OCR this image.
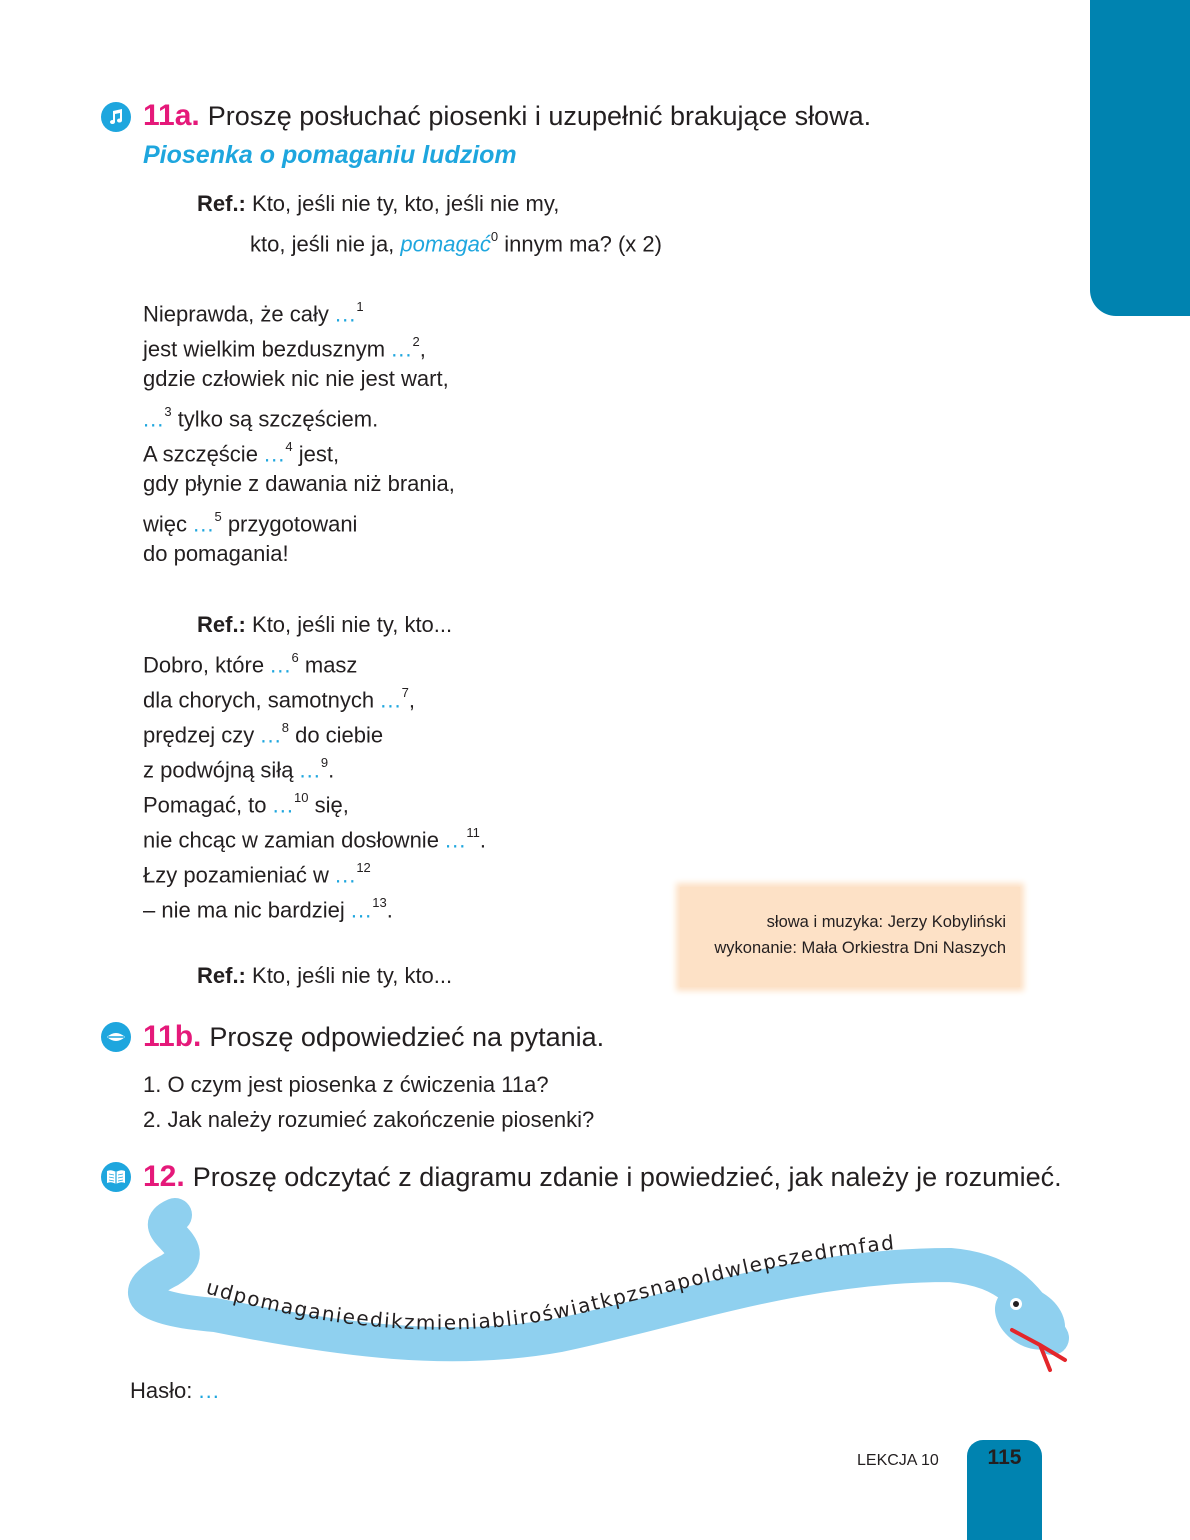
11a. Proszę posłuchać piosenki i uzupełnić brakujące słowa.
Piosenka o pomaganiu ludziom
Ref.: Kto, jeśli nie ty, kto, jeśli nie my,
kto, jeśli nie ja, pomagać$^0$ innym ma? (x 2)
Nieprawda, że cały ...$^1$
jest wielkim bezdusznym ...$^2$,
gdzie człowiek nic nie jest wart,
...$^3$ tylko są szczęściem.
A szczęście ...$^4$ jest,
gdy płynie z dawania niż brania,
więc ...$^5$ przygotowani
do pomagania!
Ref.: Kto, jeśli nie ty, kto...
Dobro, które ...$^6$ masz
dla chorych, samotnych ...$^7$,
prędzej czy ...$^8$ do ciebie
z podwójną siłą ...$^9$.
Pomagać, to ...$^{10}$ się,
nie chcąc w zamian dosłownie ...$^{11}$.
Łzy pozamieniać w ...$^{12}$
– nie ma nic bardziej ...$^{13}$.
Ref.: Kto, jeśli nie ty, kto...
słowa i muzyka: Jerzy Kobyliński
wykonanie: Mała Orkiestra Dni Naszych
11b. Proszę odpowiedzieć na pytania.
1. O czym jest piosenka z ćwiczenia 11a?
2. Jak należy rozumieć zakończenie piosenki?
12. Proszę odczytać z diagramu zdanie i powiedzieć, jak należy je rozumieć.
udpomaganieedikzmieniabliroświatkpzsnapoldwlepszedrmfad
Hasło: ...
LEKCJA 10	115
